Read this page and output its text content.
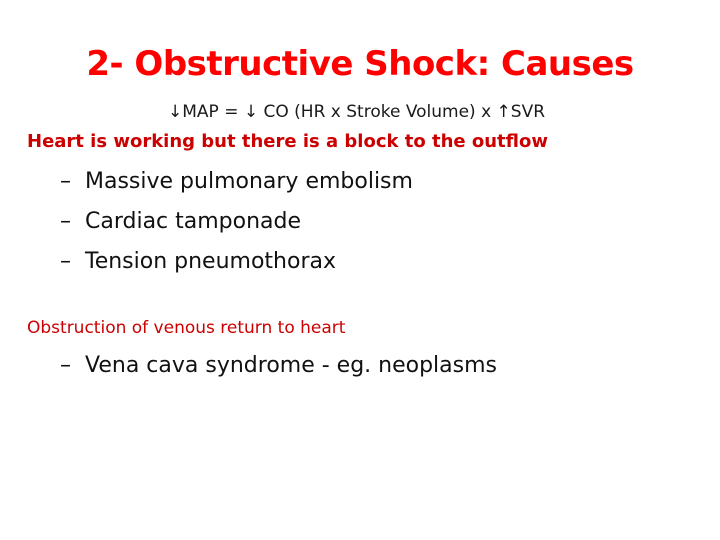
2- Obstructive Shock: Causes
↓MAP = ↓ CO (HR x Stroke Volume) x ↑SVR
Heart is working but there is a block to the outflow
– Massive pulmonary embolism
– Cardiac tamponade
– Tension pneumothorax
Obstruction of venous return to heart
– Vena cava syndrome - eg. neoplasms
